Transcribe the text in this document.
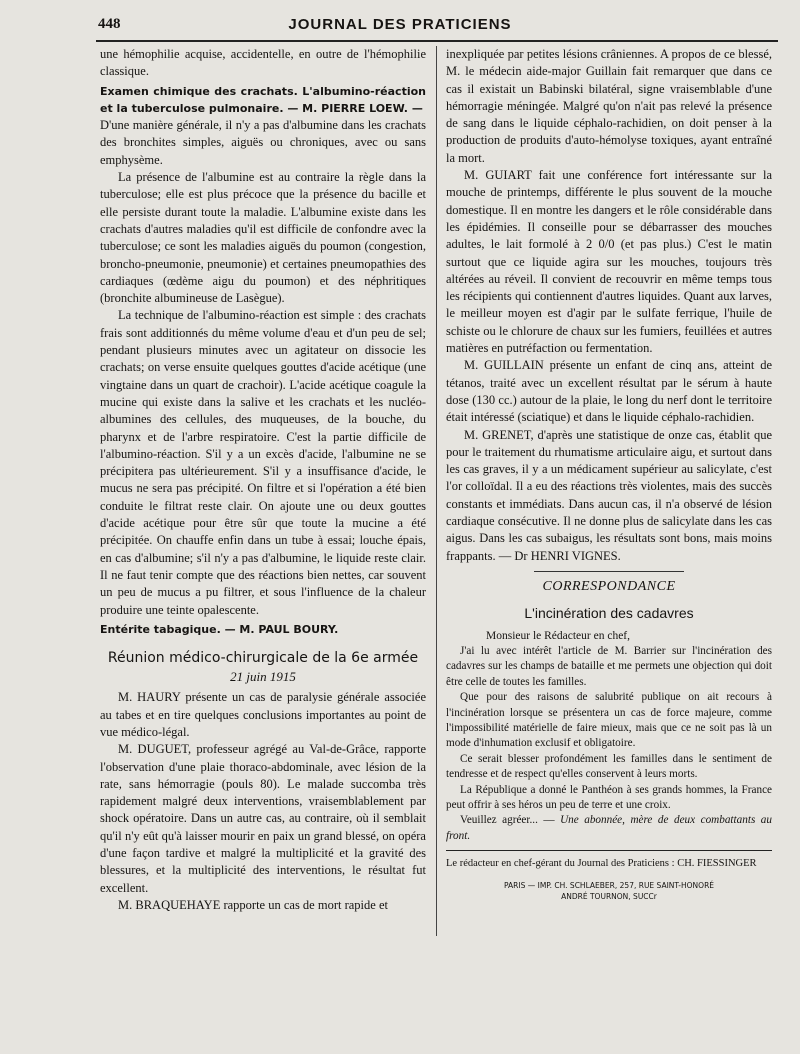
448	JOURNAL DES PRATICIENS

une hémophilie acquise, accidentelle, en outre de l'hémophilie classique.

Examen chimique des crachats. L'albumino-réaction et la tuberculose pulmonaire. — M. PIERRE LOEW. —

D'une manière générale, il n'y a pas d'albumine dans les crachats des bronchites simples, aiguës ou chroniques, avec ou sans emphysème.

La présence de l'albumine est au contraire la règle dans la tuberculose; elle est plus précoce que la présence du bacille et elle persiste durant toute la maladie. L'albumine existe dans les crachats d'autres maladies qu'il est difficile de confondre avec la tuberculose; ce sont les maladies aiguës du poumon (congestion, broncho-pneumonie, pneumonie) et certaines pneumopathies des cardiaques (œdème aigu du poumon) et des néphritiques (bronchite albumineuse de Lasègue).

La technique de l'albumino-réaction est simple : des crachats frais sont additionnés du même volume d'eau et d'un peu de sel; pendant plusieurs minutes avec un agitateur on dissocie les crachats; on verse ensuite quelques gouttes d'acide acétique (une vingtaine dans un quart de crachoir). L'acide acétique coagule la mucine qui existe dans la salive et les crachats et les nucléo-albumines des cellules, des muqueuses, de la bouche, du pharynx et de l'arbre respiratoire. C'est la partie difficile de l'albumino-réaction. S'il y a un excès d'acide, l'albumine ne se précipitera pas ultérieurement. S'il y a insuffisance d'acide, le mucus ne sera pas précipité. On filtre et si l'opération a été bien conduite le filtrat reste clair. On ajoute une ou deux gouttes d'acide acétique pour être sûr que toute la mucine a été précipitée. On chauffe enfin dans un tube à essai; louche épais, en cas d'albumine; s'il n'y a pas d'albumine, le liquide reste clair. Il ne faut tenir compte que des réactions bien nettes, car souvent un peu de mucus a pu filtrer, et sous l'influence de la chaleur produire une teinte opalescente.

Entérite tabagique. — M. PAUL BOURY.

Réunion médico-chirurgicale de la 6e armée
21 juin 1915

M. HAURY présente un cas de paralysie générale associée au tabes et en tire quelques conclusions importantes au point de vue médico-légal.

M. DUGUET, professeur agrégé au Val-de-Grâce, rapporte l'observation d'une plaie thoraco-abdominale, avec lésion de la rate, sans hémorragie (pouls 80). Le malade succomba très rapidement malgré deux interventions, vraisemblablement par shock opératoire. Dans un autre cas, au contraire, où il semblait qu'il n'y eût qu'à laisser mourir en paix un grand blessé, on opéra d'une façon tardive et malgré la multiplicité et la gravité des blessures, et la multiplicité des interventions, le résultat fut excellent.

M. BRAQUEHAYE rapporte un cas de mort rapide et

inexpliquée par petites lésions crâniennes. A propos de ce blessé, M. le médecin aide-major Guillain fait remarquer que dans ce cas il existait un Babinski bilatéral, signe vraisemblable d'une hémorragie méningée. Malgré qu'on n'ait pas relevé la présence de sang dans le liquide céphalo-rachidien, on doit penser à la production de produits d'auto-hémolyse toxiques, ayant entraîné la mort.

M. GUIART fait une conférence fort intéressante sur la mouche de printemps, différente le plus souvent de la mouche domestique. Il en montre les dangers et le rôle considérable dans les épidémies. Il conseille pour se débarrasser des mouches adultes, le lait formolé à 2 0/0 (et pas plus.) C'est le matin surtout que ce liquide agira sur les mouches, toujours très altérées au réveil. Il convient de recouvrir en même temps tous les récipients qui contiennent d'autres liquides. Quant aux larves, le meilleur moyen est d'agir par le sulfate ferrique, l'huile de schiste ou le chlorure de chaux sur les fumiers, feuillées et autres matières en putréfaction ou fermentation.

M. GUILLAIN présente un enfant de cinq ans, atteint de tétanos, traité avec un excellent résultat par le sérum à haute dose (130 cc.) autour de la plaie, le long du nerf dont le territoire était intéressé (sciatique) et dans le liquide céphalo-rachidien.

M. GRENET, d'après une statistique de onze cas, établit que pour le traitement du rhumatisme articulaire aigu, et surtout dans les cas graves, il y a un médicament supérieur au salicylate, c'est l'or colloïdal. Il a eu des réactions très violentes, mais des succès constants et immédiats. Dans aucun cas, il n'a observé de lésion cardiaque consécutive. Il ne donne plus de salicylate dans les cas aigus. Dans les cas subaigus, les résultats sont bons, mais moins frappants. — Dr HENRI VIGNES.

CORRESPONDANCE
L'incinération des cadavres

Monsieur le Rédacteur en chef,

J'ai lu avec intérêt l'article de M. Barrier sur l'incinération des cadavres sur les champs de bataille et me permets une objection qui doit être celle de toutes les familles.

Que pour des raisons de salubrité publique on ait recours à l'incinération lorsque se présentera un cas de force majeure, comme l'impossibilité matérielle de faire mieux, mais que ce ne soit pas là un mode d'inhumation exclusif et obligatoire.

Ce serait blesser profondément les familles dans le sentiment de tendresse et de respect qu'elles conservent à leurs morts.

La République a donné le Panthéon à ses grands hommes, la France peut offrir à ses héros un peu de terre et une croix.

Veuillez agréer... — Une abonnée, mère de deux combattants au front.

Le rédacteur en chef-gérant du Journal des Praticiens : CH. FIESSINGER
PARIS — IMP. CH. SCHLAEBER, 257, RUE SAINT-HONORÉ
ANDRÉ TOURNON, SUCCr
